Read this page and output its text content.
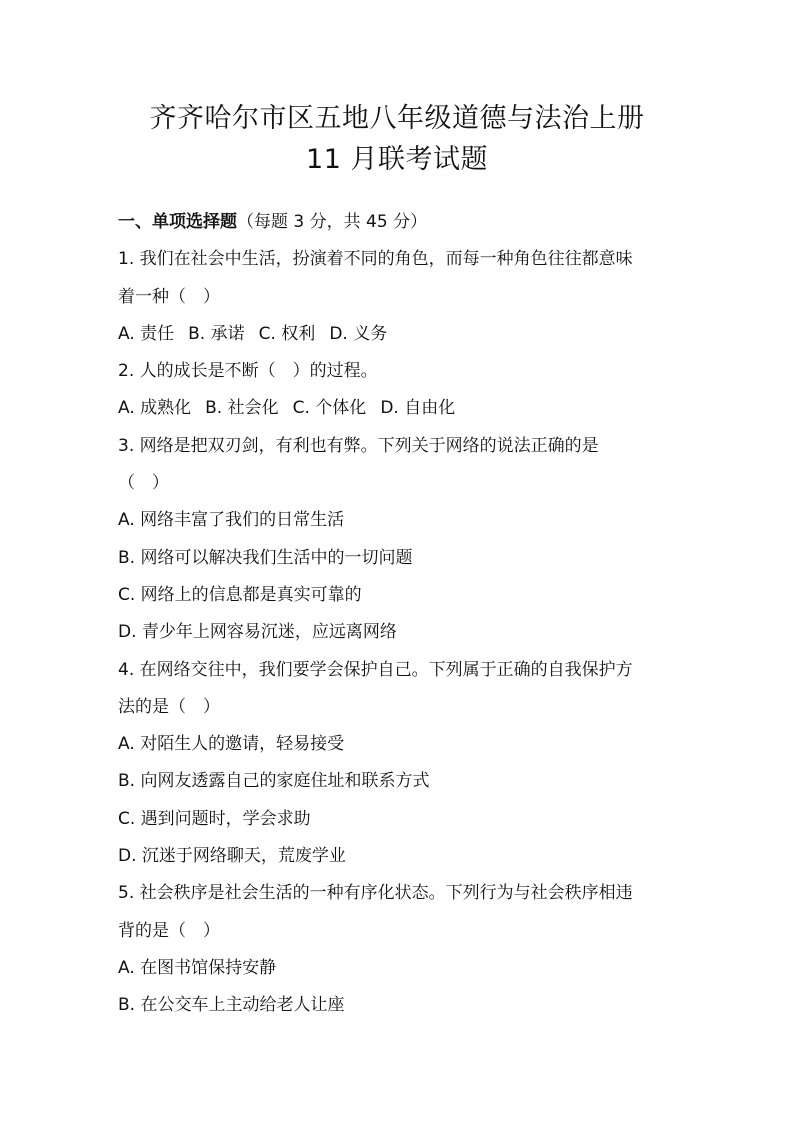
齐齐哈尔市区五地八年级道德与法治上册
11 月联考试题
一、单项选择题（每题 3 分，共 45 分）
1. 我们在社会中生活，扮演着不同的角色，而每一种角色往往都意味
着一种（　）
A. 责任 B. 承诺 C. 权利 D. 义务
2. 人的成长是不断（　）的过程。
A. 成熟化 B. 社会化 C. 个体化 D. 自由化
3. 网络是把双刃剑，有利也有弊。下列关于网络的说法正确的是
（　）
A. 网络丰富了我们的日常生活
B. 网络可以解决我们生活中的一切问题
C. 网络上的信息都是真实可靠的
D. 青少年上网容易沉迷，应远离网络
4. 在网络交往中，我们要学会保护自己。下列属于正确的自我保护方
法的是（　）
A. 对陌生人的邀请，轻易接受
B. 向网友透露自己的家庭住址和联系方式
C. 遇到问题时，学会求助
D. 沉迷于网络聊天，荒废学业
5. 社会秩序是社会生活的一种有序化状态。下列行为与社会秩序相违
背的是（　）
A. 在图书馆保持安静
B. 在公交车上主动给老人让座
